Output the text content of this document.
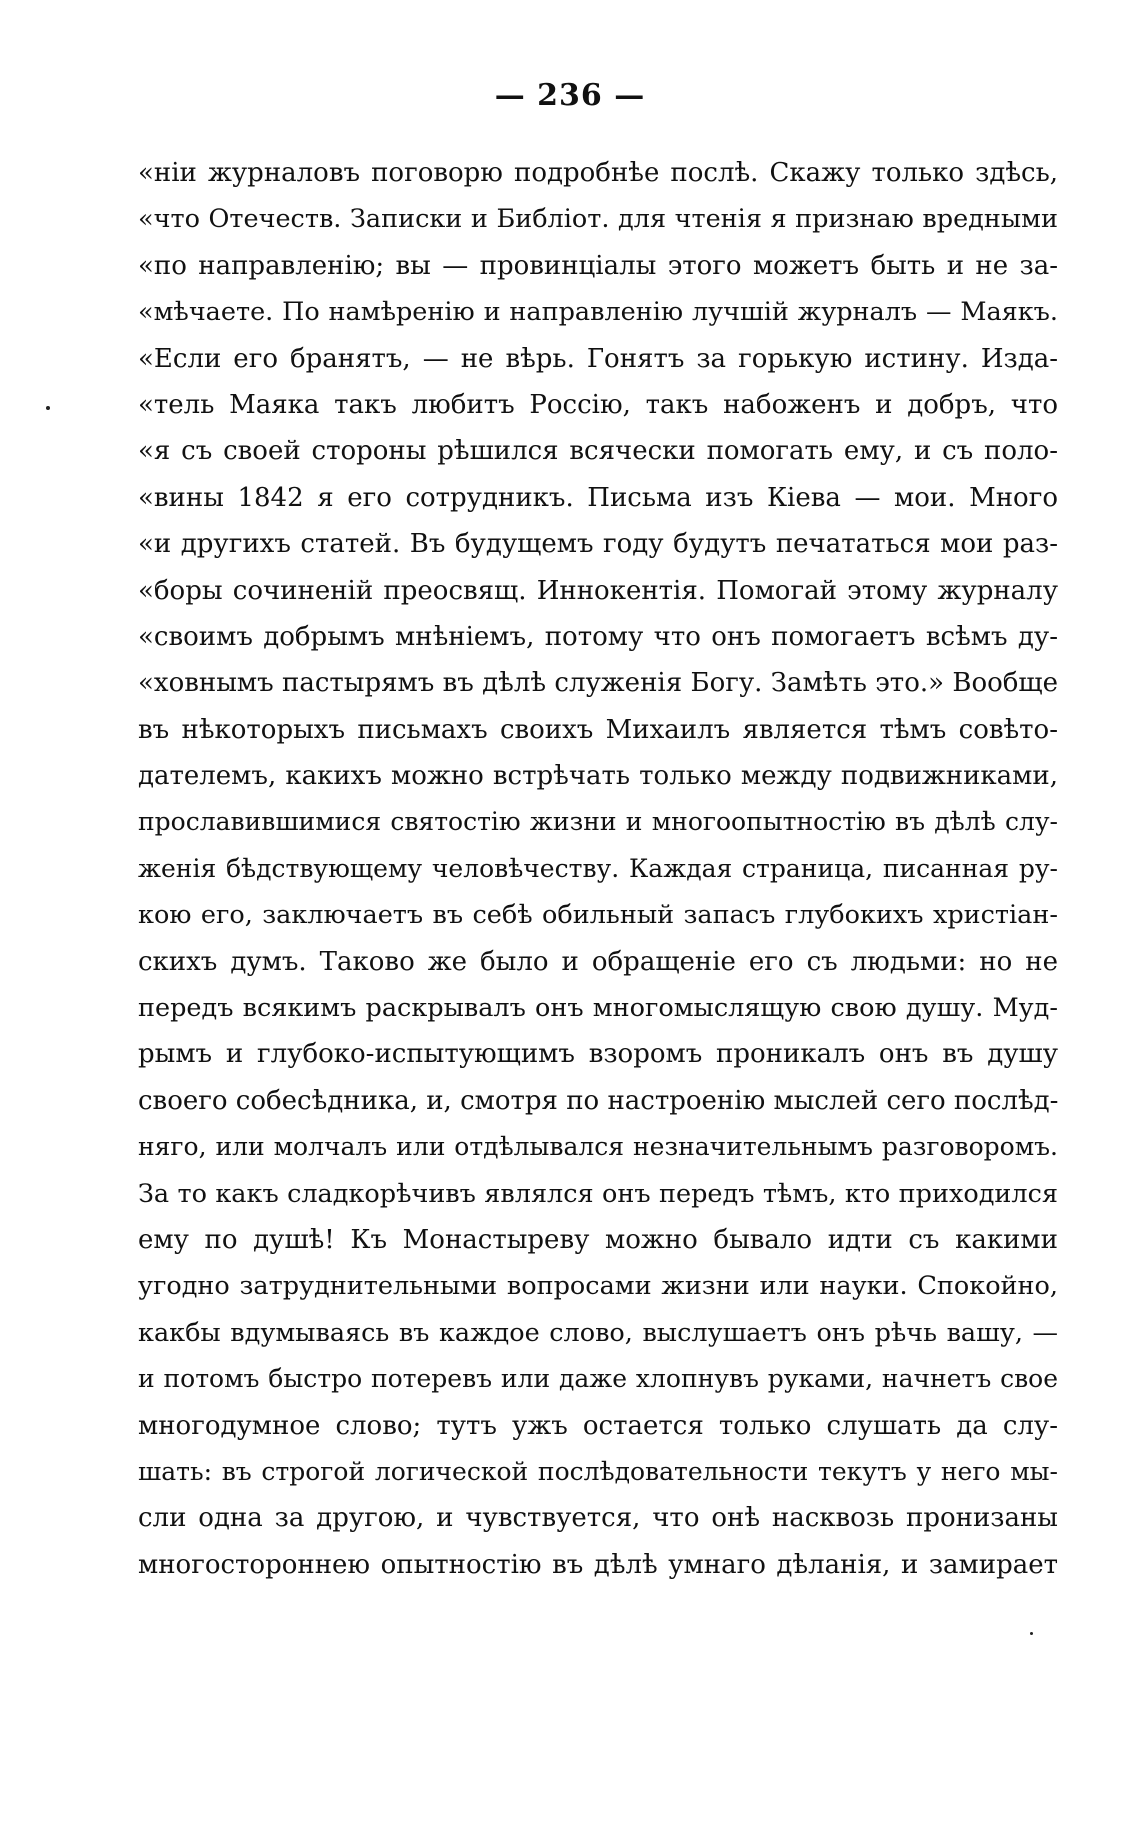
— 236 —
«нiи журналовъ поговорю подробнѣе послѣ. Скажу только здѣсь,
«что Отечеств. Записки и Библiот. для чтенiя я признаю вредными
«по направленiю; вы — провинцiалы этого можетъ быть и не за-
«мѣчаете. По намѣренiю и направленiю лучшiй журналъ — Маякъ.
«Если его бранятъ, — не вѣрь. Гонятъ за горькую истину. Изда-
«тель Маяка такъ любитъ Россiю, такъ набоженъ и добръ, что
«я съ своей стороны рѣшился всячески помогать ему, и съ поло-
«вины 1842 я его сотрудникъ. Письма изъ Кiева — мои. Много
«и другихъ статей. Въ будущемъ году будутъ печататься мои раз-
«боры сочиненiй преосвящ. Иннокентiя. Помогай этому журналу
«своимъ добрымъ мнѣнiемъ, потому что онъ помогаетъ всѣмъ ду-
«ховнымъ пастырямъ въ дѣлѣ служенiя Богу. Замѣть это.» Вообще
въ нѣкоторыхъ письмахъ своихъ Михаилъ является тѣмъ совѣто-
дателемъ, какихъ можно встрѣчать только между подвижниками,
прославившимися святостiю жизни и многоопытностiю въ дѣлѣ слу-
женiя бѣдствующему человѣчеству. Каждая страница, писанная ру-
кою его, заключаетъ въ себѣ обильный запасъ глубокихъ христiан-
скихъ думъ. Таково же было и обращенiе его съ людьми: но не
передъ всякимъ раскрывалъ онъ многомыслящую свою душу. Муд-
рымъ и глубоко-испытующимъ взоромъ проникалъ онъ въ душу
своего собесѣдника, и, смотря по настроенiю мыслей сего послѣд-
няго, или молчалъ или отдѣлывался незначительнымъ разговоромъ.
За то какъ сладкорѣчивъ являлся онъ передъ тѣмъ, кто приходился
ему по душѣ! Къ Монастыреву можно бывало идти съ какими
угодно затруднительными вопросами жизни или науки. Спокойно,
какбы вдумываясь въ каждое слово, выслушаетъ онъ рѣчь вашу, —
и потомъ быстро потеревъ или даже хлопнувъ руками, начнетъ свое
многодумное слово; тутъ ужъ остается только слушать да слу-
шать: въ строгой логической послѣдовательности текутъ у него мы-
сли одна за другою, и чувствуется, что онѣ насквозь пронизаны
многостороннею опытностiю въ дѣлѣ умнаго дѣланiя, и замирает
